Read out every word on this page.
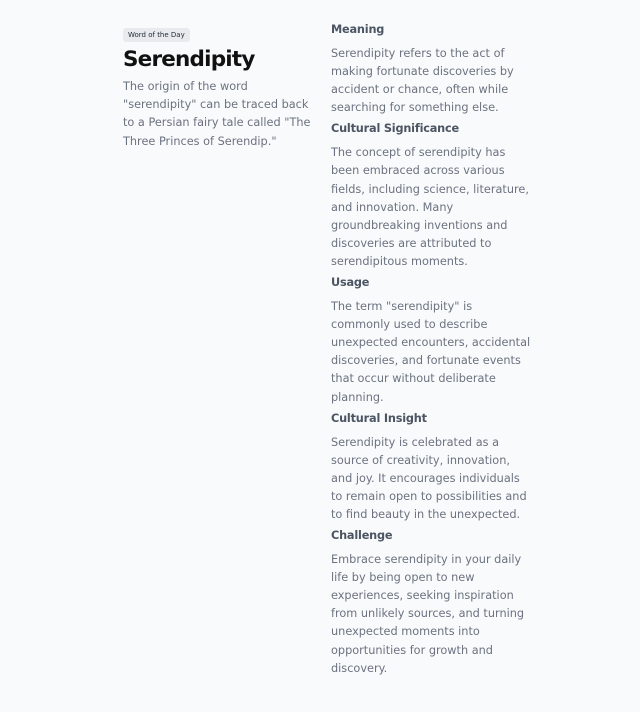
Word of the Day
Serendipity

The origin of the word
"serendipity" can be traced back
to a Persian fairy tale called "The
Three Princes of Serendip."

Meaning

Serendipity refers to the act of
making fortunate discoveries by
accident or chance, often while
searching for something else.

Cultural Significance

The concept of serendipity has
been embraced across various
fields, including science, literature,
and innovation. Many
groundbreaking inventions and
discoveries are attributed to
serendipitous moments.

Usage

The term "serendipity" is
commonly used to describe
unexpected encounters, accidental
discoveries, and fortunate events
that occur without deliberate
planning.

Cultural Insight

Serendipity is celebrated as a
source of creativity, innovation,
and joy. It encourages individuals
to remain open to possibilities and
to find beauty in the unexpected.

Challenge

Embrace serendipity in your daily
life by being open to new
experiences, seeking inspiration
from unlikely sources, and turning
unexpected moments into
opportunities for growth and
discovery.
